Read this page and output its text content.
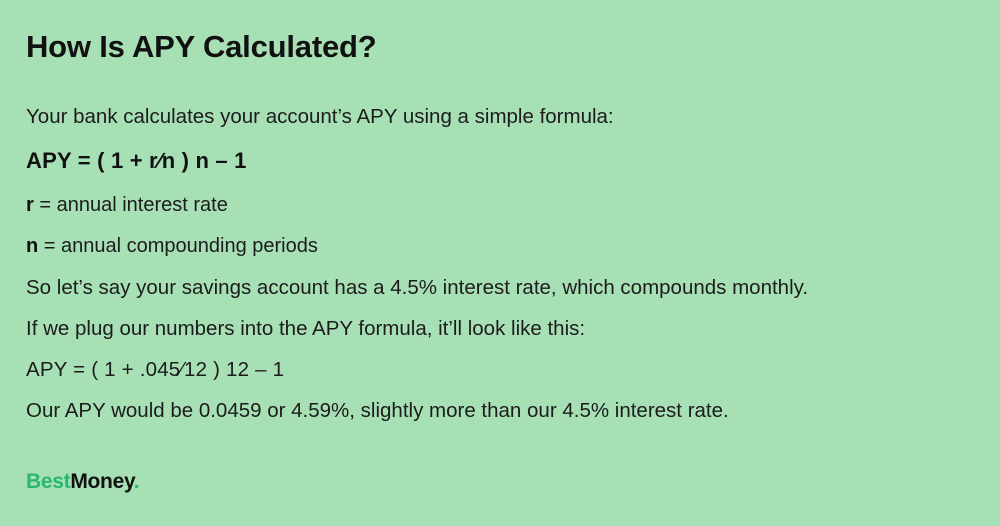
How Is APY Calculated?

Your bank calculates your account’s APY using a simple formula:

APY = ( 1 + r∕n ) n – 1

r = annual interest rate

n = annual compounding periods

So let’s say your savings account has a 4.5% interest rate, which compounds monthly.

If we plug our numbers into the APY formula, it’ll look like this:

APY = ( 1 + .045∕12 ) 12 – 1

Our APY would be 0.0459 or 4.59%, slightly more than our 4.5% interest rate.

BestMoney.
